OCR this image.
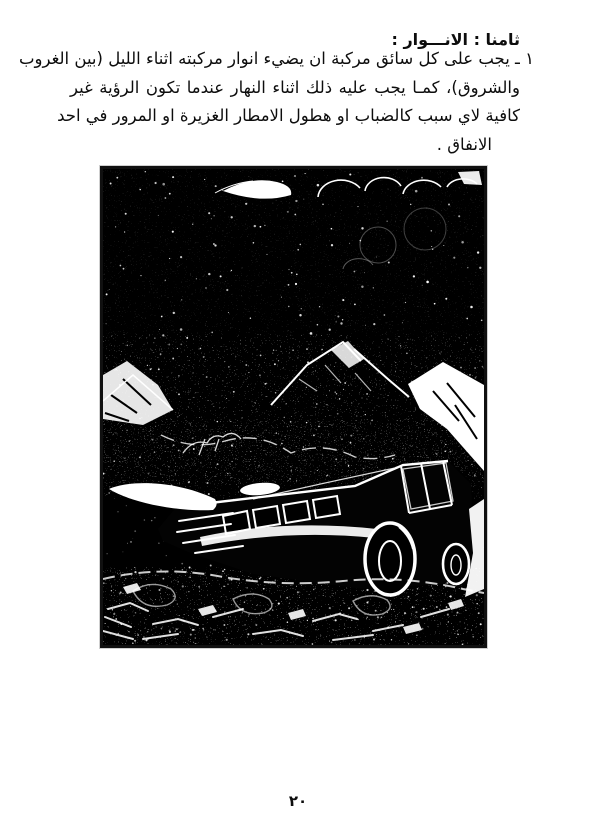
ثامنا : الانـــوار :
١ ـ يجب على كل سائق مركبة ان يضيء انوار مركبته اثناء الليل (بين الغروب
والشروق)، كمـا يجب عليه ذلك اثناء النهار عندما تكون الرؤية غير
كافية لاي سبب كالضباب او هطول الامطار الغزيرة او المرور في احد
الانفاق .
٢٠
